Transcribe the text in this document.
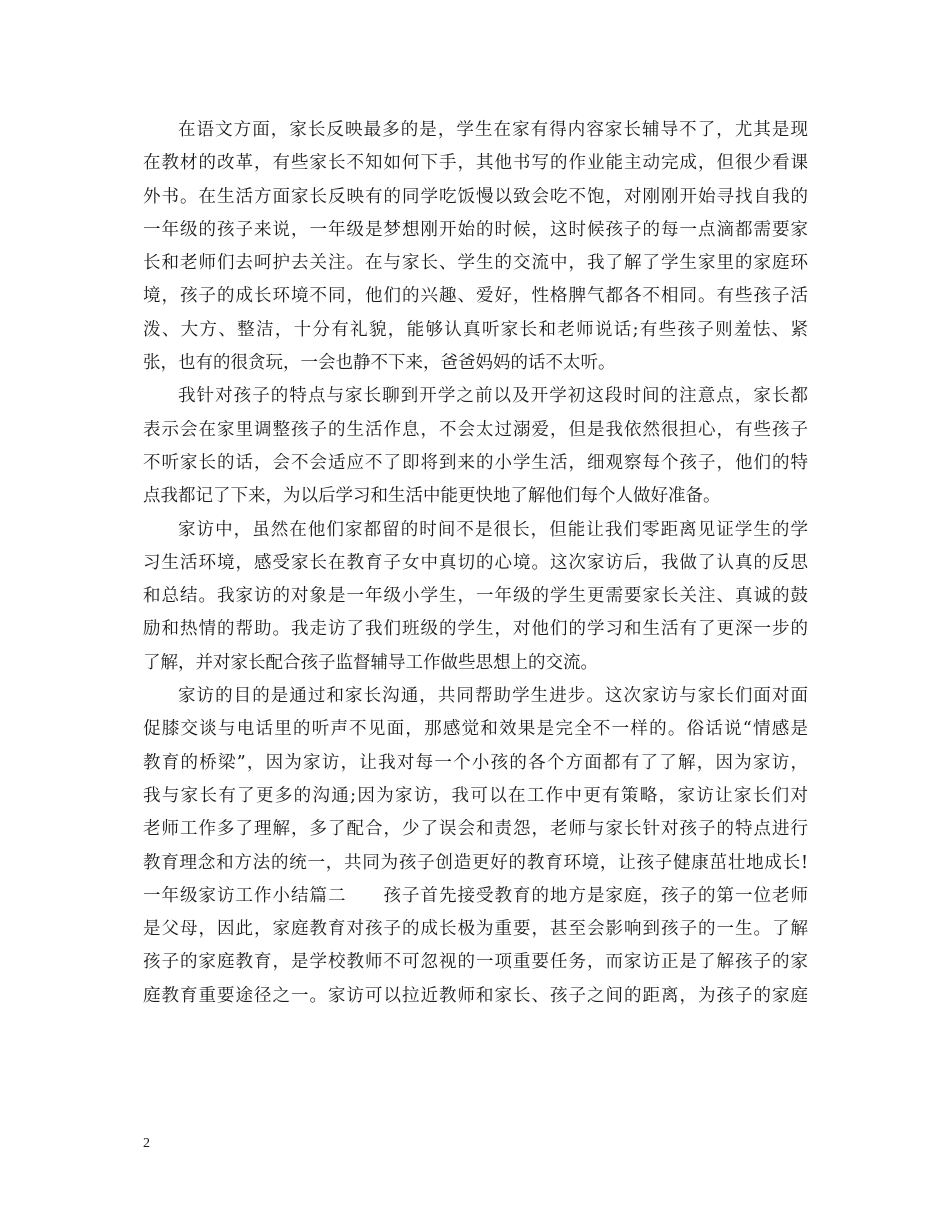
在语文方面，家长反映最多的是，学生在家有得内容家长辅导不了，尤其是现
在教材的改革，有些家长不知如何下手，其他书写的作业能主动完成，但很少看课
外书。在生活方面家长反映有的同学吃饭慢以致会吃不饱，对刚刚开始寻找自我的
一年级的孩子来说，一年级是梦想刚开始的时候，这时候孩子的每一点滴都需要家
长和老师们去呵护去关注。在与家长、学生的交流中，我了解了学生家里的家庭环
境，孩子的成长环境不同，他们的兴趣、爱好，性格脾气都各不相同。有些孩子活
泼、大方、整洁，十分有礼貌，能够认真听家长和老师说话;有些孩子则羞怯、紧
张，也有的很贪玩，一会也静不下来，爸爸妈妈的话不太听。
我针对孩子的特点与家长聊到开学之前以及开学初这段时间的注意点，家长都
表示会在家里调整孩子的生活作息，不会太过溺爱，但是我依然很担心，有些孩子
不听家长的话，会不会适应不了即将到来的小学生活，细观察每个孩子，他们的特
点我都记了下来，为以后学习和生活中能更快地了解他们每个人做好准备。
家访中，虽然在他们家都留的时间不是很长，但能让我们零距离见证学生的学
习生活环境，感受家长在教育子女中真切的心境。这次家访后，我做了认真的反思
和总结。我家访的对象是一年级小学生，一年级的学生更需要家长关注、真诚的鼓
励和热情的帮助。我走访了我们班级的学生，对他们的学习和生活有了更深一步的
了解，并对家长配合孩子监督辅导工作做些思想上的交流。
家访的目的是通过和家长沟通，共同帮助学生进步。这次家访与家长们面对面
促膝交谈与电话里的听声不见面，那感觉和效果是完全不一样的。俗话说“情感是
教育的桥梁”，因为家访，让我对每一个小孩的各个方面都有了了解，因为家访，
我与家长有了更多的沟通;因为家访，我可以在工作中更有策略，家访让家长们对
老师工作多了理解，多了配合，少了误会和责怨，老师与家长针对孩子的特点进行
教育理念和方法的统一，共同为孩子创造更好的教育环境，让孩子健康茁壮地成长!
一年级家访工作小结篇二　　孩子首先接受教育的地方是家庭，孩子的第一位老师
是父母，因此，家庭教育对孩子的成长极为重要，甚至会影响到孩子的一生。了解
孩子的家庭教育，是学校教师不可忽视的一项重要任务，而家访正是了解孩子的家
庭教育重要途径之一。家访可以拉近教师和家长、孩子之间的距离，为孩子的家庭
2
